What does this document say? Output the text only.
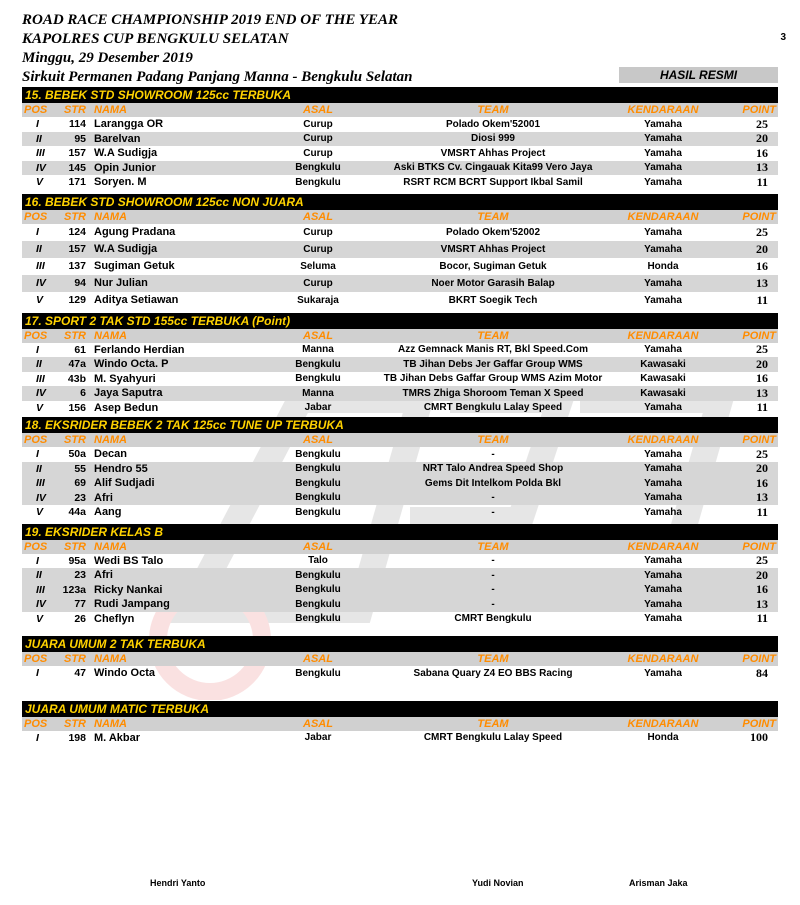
ROAD RACE CHAMPIONSHIP 2019 END OF THE YEAR
KAPOLRES CUP BENGKULU SELATAN
Minggu, 29 Desember 2019
Sirkuit Permanen Padang Panjang Manna - Bengkulu Selatan
3
HASIL RESMI
15. BEBEK STD SHOWROOM 125cc TERBUKA
POS	STR NAMA	ASAL	TEAM	KENDARAAN	POINT
I	114 Larangga OR	Curup	Polado Okem'52001	Yamaha	25
II	95 Barelvan	Curup	Diosi 999	Yamaha	20
III	157 W.A Sudigja	Curup	VMSRT Ahhas Project	Yamaha	16
IV	145 Opin Junior	Bengkulu	Aski BTKS Cv. Cingauak Kita99 Vero Jaya	Yamaha	13
V	171 Soryen. M	Bengkulu	RSRT RCM BCRT Support Ikbal Samil	Yamaha	11
16. BEBEK STD SHOWROOM 125cc NON JUARA
POS	STR NAMA	ASAL	TEAM	KENDARAAN	POINT
I	124 Agung Pradana	Curup	Polado Okem'52002	Yamaha	25
II	157 W.A Sudigja	Curup	VMSRT Ahhas Project	Yamaha	20
III	137 Sugiman Getuk	Seluma	Bocor, Sugiman Getuk	Honda	16
IV	94 Nur Julian	Curup	Noer Motor Garasih Balap	Yamaha	13
V	129 Aditya Setiawan	Sukaraja	BKRT Soegik Tech	Yamaha	11
17. SPORT 2 TAK STD 155cc TERBUKA (Point)
POS	STR NAMA	ASAL	TEAM	KENDARAAN	POINT
I	61 Ferlando Herdian	Manna	Azz Gemnack Manis RT, Bkl Speed.Com	Yamaha	25
II	47a Windo Octa. P	Bengkulu	TB Jihan Debs Jer Gaffar Group WMS	Kawasaki	20
III	43b M. Syahyuri	Bengkulu	TB Jihan Debs Gaffar Group WMS Azim Motor	Kawasaki	16
IV	6 Jaya Saputra	Manna	TMRS Zhiga Shoroom Teman X Speed	Kawasaki	13
V	156 Asep Bedun	Jabar	CMRT Bengkulu Lalay Speed	Yamaha	11
18. EKSRIDER BEBEK 2 TAK 125cc TUNE UP TERBUKA
POS	STR NAMA	ASAL	TEAM	KENDARAAN	POINT
I	50a Decan	Bengkulu	-	Yamaha	25
II	55 Hendro 55	Bengkulu	NRT Talo Andrea Speed Shop	Yamaha	20
III	69 Alif Sudjadi	Bengkulu	Gems Dit Intelkom Polda Bkl	Yamaha	16
IV	23 Afri	Bengkulu	-	Yamaha	13
V	44a Aang	Bengkulu	-	Yamaha	11
19. EKSRIDER KELAS B
POS	STR NAMA	ASAL	TEAM	KENDARAAN	POINT
I	95a Wedi BS Talo	Talo	-	Yamaha	25
II	23 Afri	Bengkulu	-	Yamaha	20
III	123a Ricky Nankai	Bengkulu	-	Yamaha	16
IV	77 Rudi Jampang	Bengkulu	-	Yamaha	13
V	26 Cheflyn	Bengkulu	CMRT Bengkulu	Yamaha	11
JUARA UMUM 2 TAK TERBUKA
POS	STR NAMA	ASAL	TEAM	KENDARAAN	POINT
I	47 Windo Octa	Bengkulu	Sabana Quary Z4 EO BBS Racing	Yamaha	84
JUARA UMUM MATIC TERBUKA
POS	STR NAMA	ASAL	TEAM	KENDARAAN	POINT
I	198 M. Akbar	Jabar	CMRT Bengkulu Lalay Speed	Honda	100
Hendri Yanto	Yudi Novian	Arisman Jaka
